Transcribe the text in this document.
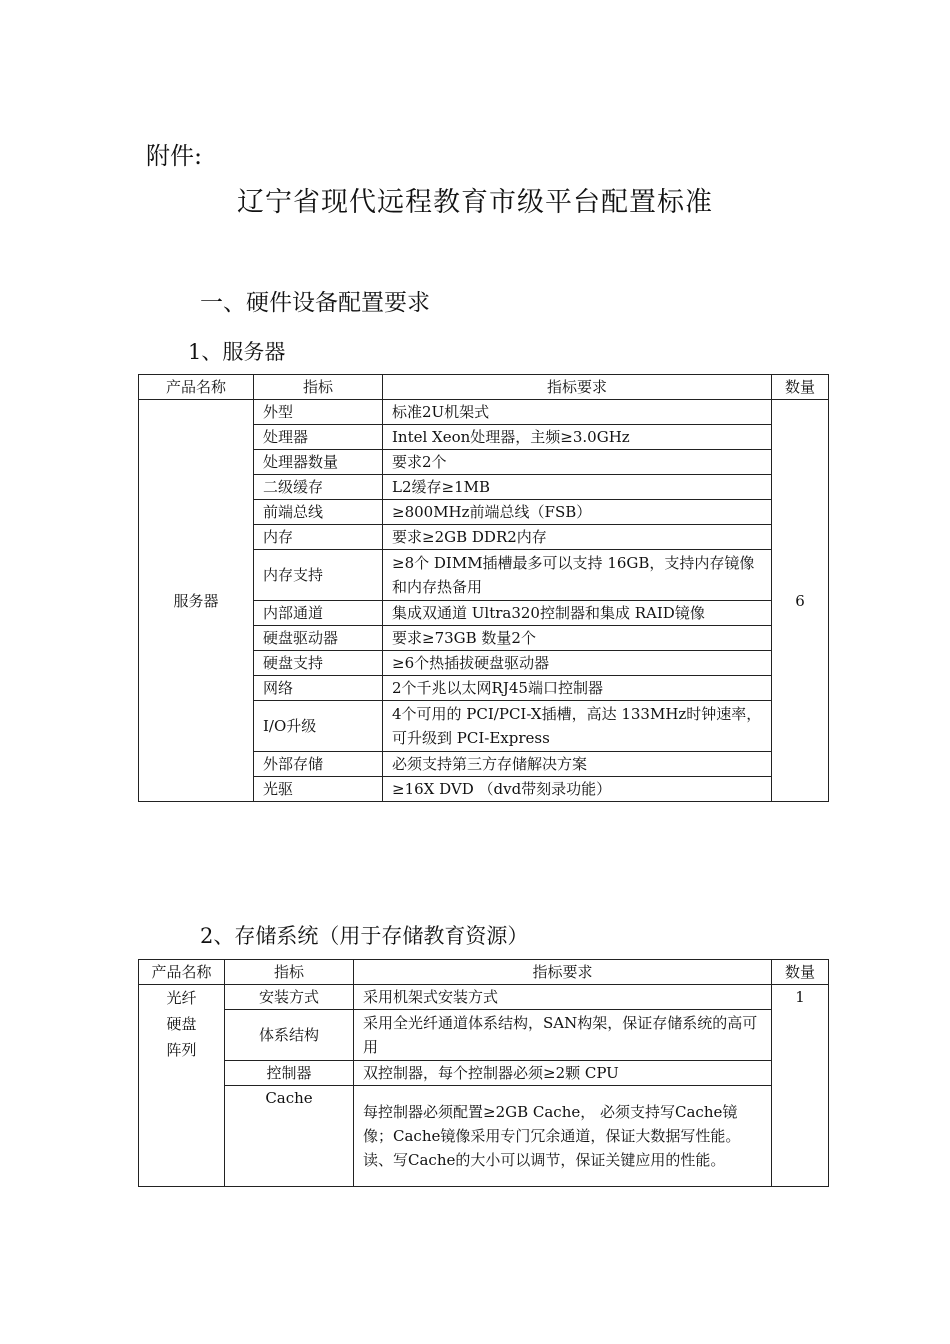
附件:
辽宁省现代远程教育市级平台配置标准
一、硬件设备配置要求
1、服务器
产品名称	指标	指标要求	数量
服务器	外型	标准2U机架式	6
	处理器	Intel Xeon处理器，主频≥3.0GHz	
	处理器数量	要求2个	
	二级缓存	L2缓存≥1MB	
	前端总线	≥800MHz前端总线（FSB）	
	内存	要求≥2GB DDR2内存	
	内存支持	≥8个 DIMM插槽最多可以支持 16GB，支持内存镜像和内存热备用	
	内部通道	集成双通道 Ultra320控制器和集成 RAID镜像	
	硬盘驱动器	要求≥73GB 数量2个	
	硬盘支持	≥6个热插拔硬盘驱动器	
	网络	2个千兆以太网RJ45端口控制器	
	I/O升级	4个可用的 PCI/PCI-X插槽，高达 133MHz时钟速率，可升级到 PCI-Express	
	外部存储	必须支持第三方存储解决方案	
	光驱	≥16X DVD （dvd带刻录功能）	
2、存储系统（用于存储教育资源）
产品名称	指标	指标要求	数量

光纤
硬盘
阵列	安装方式	采用机架式安装方式	1
	体系结构	采用全光纤通道体系结构，SAN构架，保证存储系统的高可用	
	控制器	双控制器，每个控制器必须≥2颗 CPU	
	Cache	每控制器必须配置≥2GB Cache， 必须支持写Cache镜像；Cache镜像采用专门冗余通道，保证大数据写性能。读、写Cache的大小可以调节，保证关键应用的性能。	
